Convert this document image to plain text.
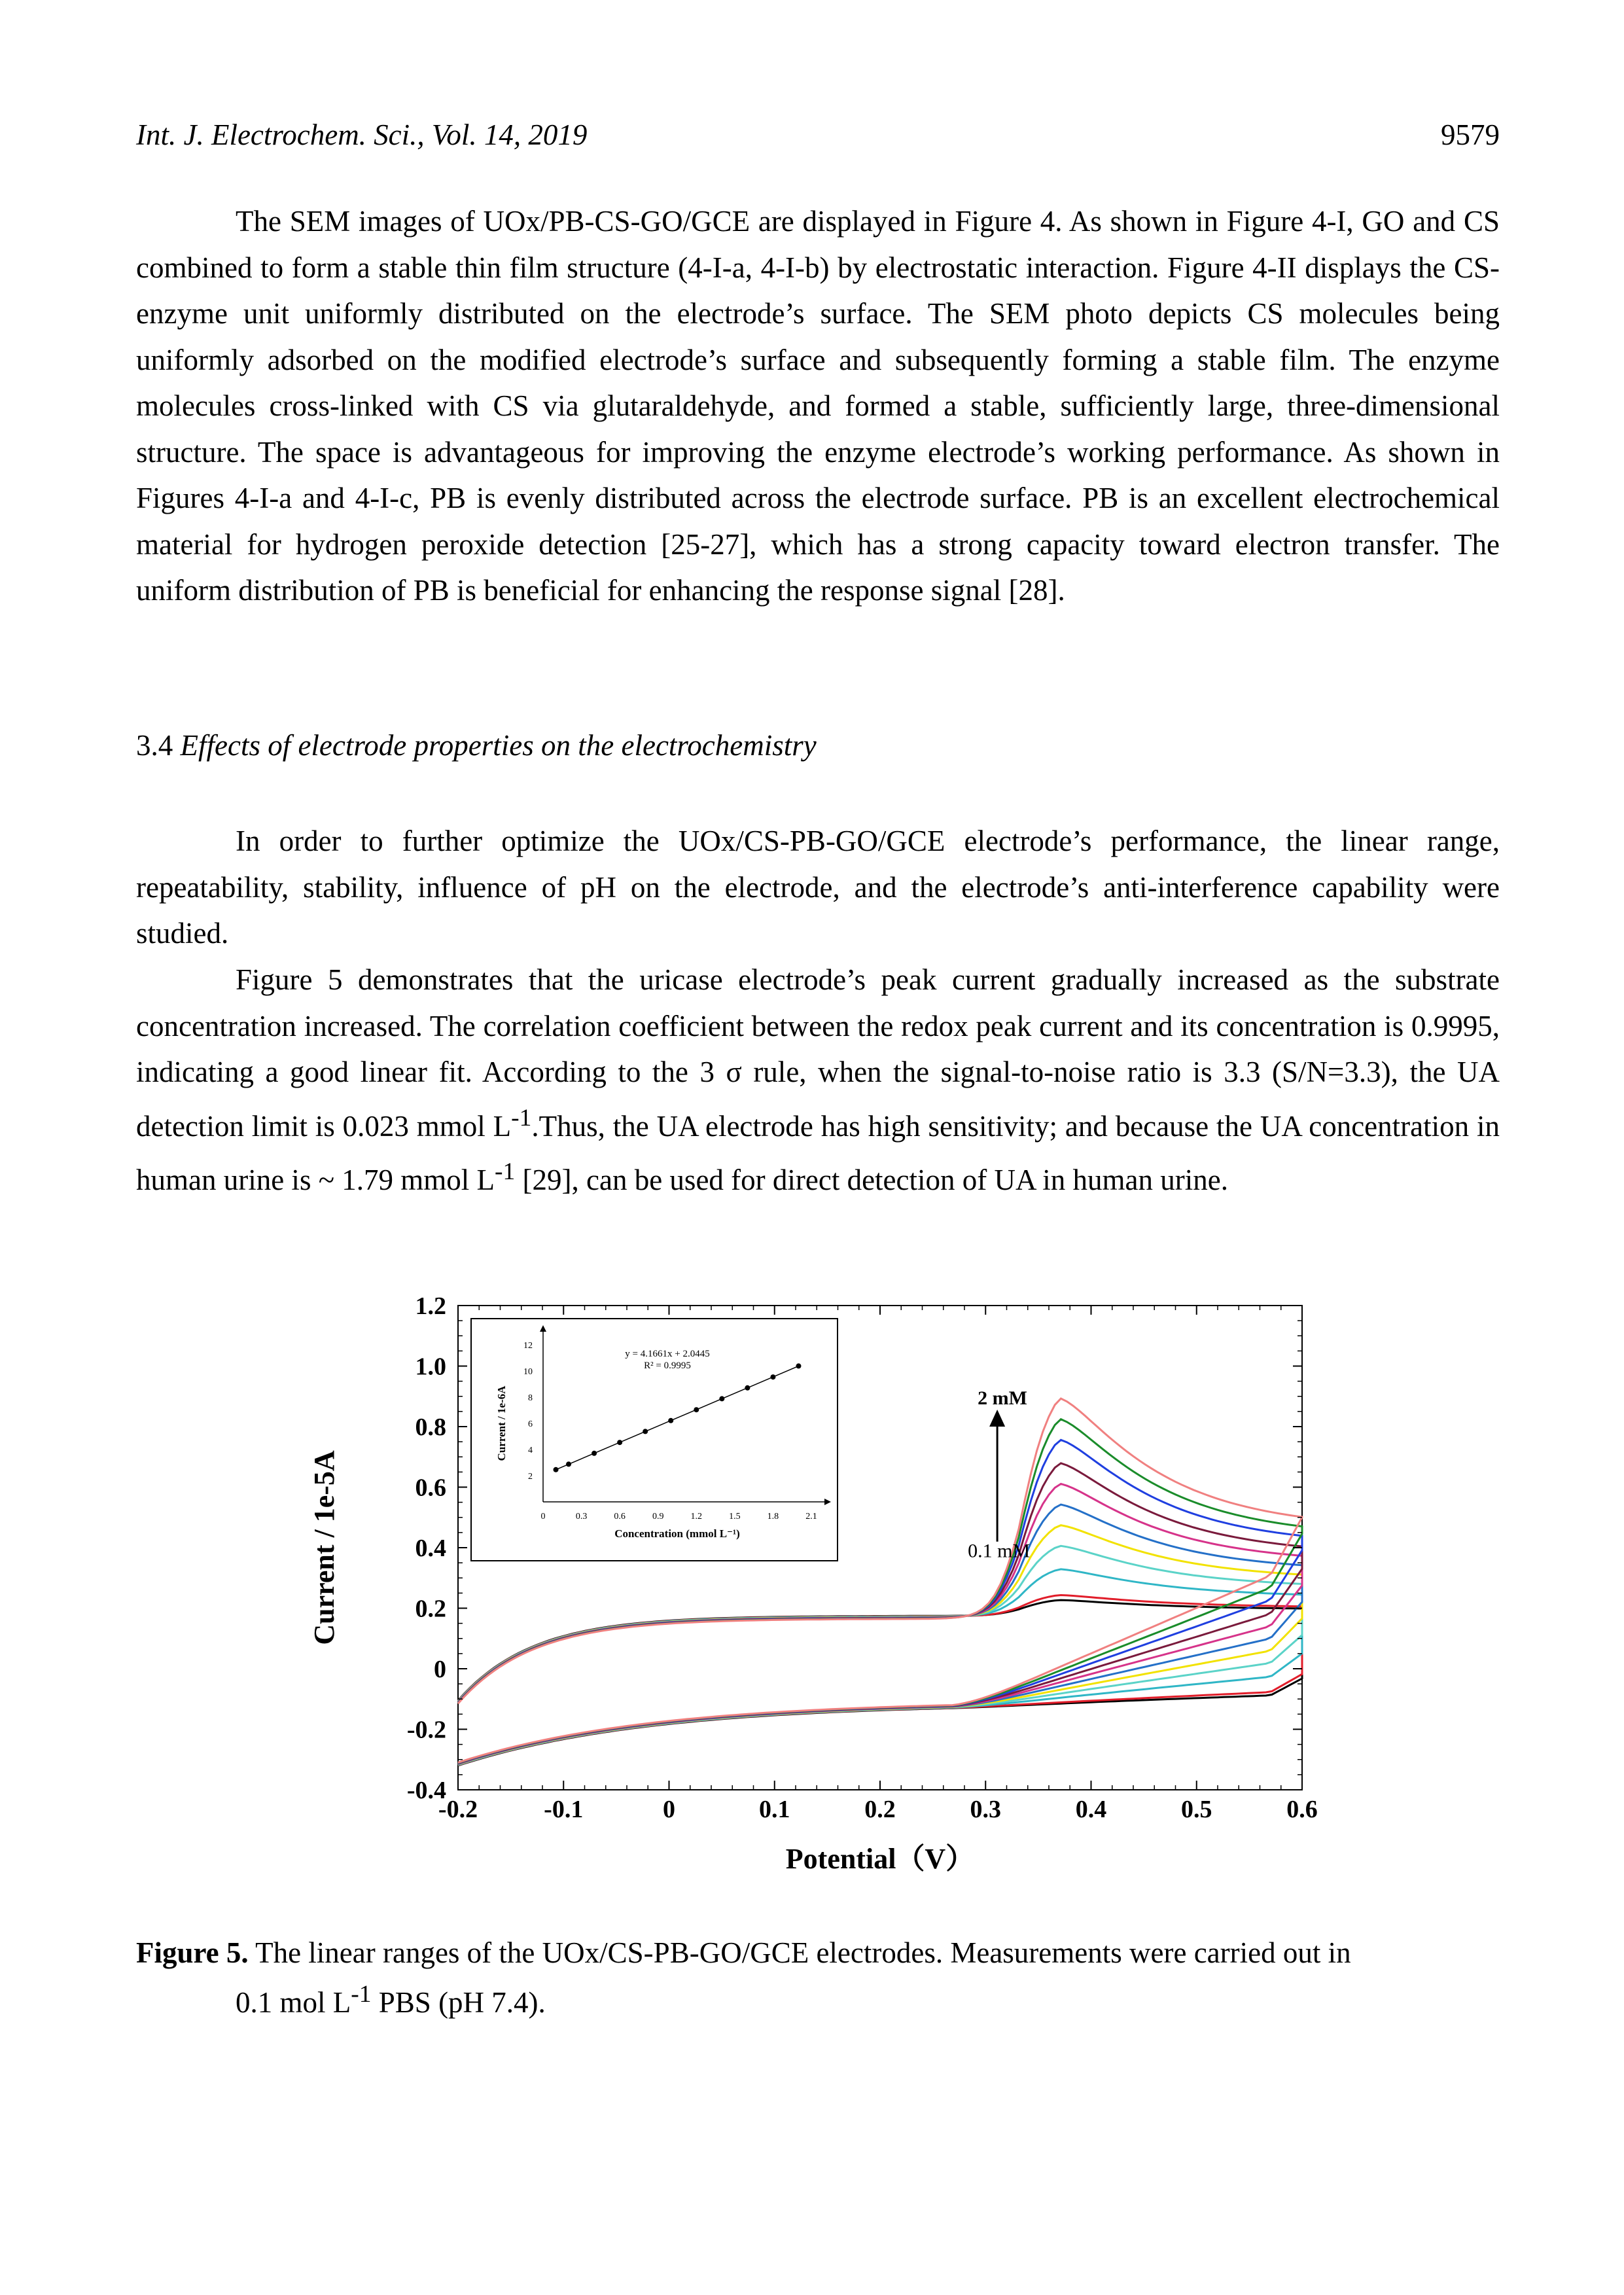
Int. J. Electrochem. Sci., Vol. 14, 2019	9579

The SEM images of UOx/PB-CS-GO/GCE are displayed in Figure 4. As shown in Figure 4-I, GO and CS combined to form a stable thin film structure (4-I-a, 4-I-b) by electrostatic interaction. Figure 4-II displays the CS-enzyme unit uniformly distributed on the electrode’s surface. The SEM photo depicts CS molecules being uniformly adsorbed on the modified electrode’s surface and subsequently forming a stable film. The enzyme molecules cross-linked with CS via glutaraldehyde, and formed a stable, sufficiently large, three-dimensional structure. The space is advantageous for improving the enzyme electrode’s working performance. As shown in Figures 4-I-a and 4-I-c, PB is evenly distributed across the electrode surface. PB is an excellent electrochemical material for hydrogen peroxide detection [25-27], which has a strong capacity toward electron transfer. The uniform distribution of PB is beneficial for enhancing the response signal [28].

3.4 Effects of electrode properties on the electrochemistry

In order to further optimize the UOx/CS-PB-GO/GCE electrode’s performance, the linear range, repeatability, stability, influence of pH on the electrode, and the electrode’s anti-interference capability were studied.

Figure 5 demonstrates that the uricase electrode’s peak current gradually increased as the substrate concentration increased. The correlation coefficient between the redox peak current and its concentration is 0.9995, indicating a good linear fit. According to the 3 σ rule, when the signal-to-noise ratio is 3.3 (S/N=3.3), the UA detection limit is 0.023 mmol $L^{-1}.Thus$, the UA electrode has high sensitivity; and because the UA concentration in human urine is ~ 1.79 mmol $L^{-1}$ [29], can be used for direct detection of UA in human urine.

0	0.3	0.6	0.9	1.2	1.5	1.8	2.1
2
4
6
8
10
12
Concentration (mmol L⁻¹)
Current / 1e-6A
y = 4.1661x + 2.0445
R² = 0.9995
-0.2	-0.1	0	0.1	0.2	0.3	0.4	0.5	0.6
1.2
1.0
0.8
0.6
0.4
0.2
0
-0.2
-0.4
Potential（V）
Current / 1e-5A
2 mM
0.1 mM
Figure 5. The linear ranges of the UOx/CS-PB-GO/GCE electrodes. Measurements were carried out in
0.1 mol $L^{-1}$ PBS (pH 7.4).
